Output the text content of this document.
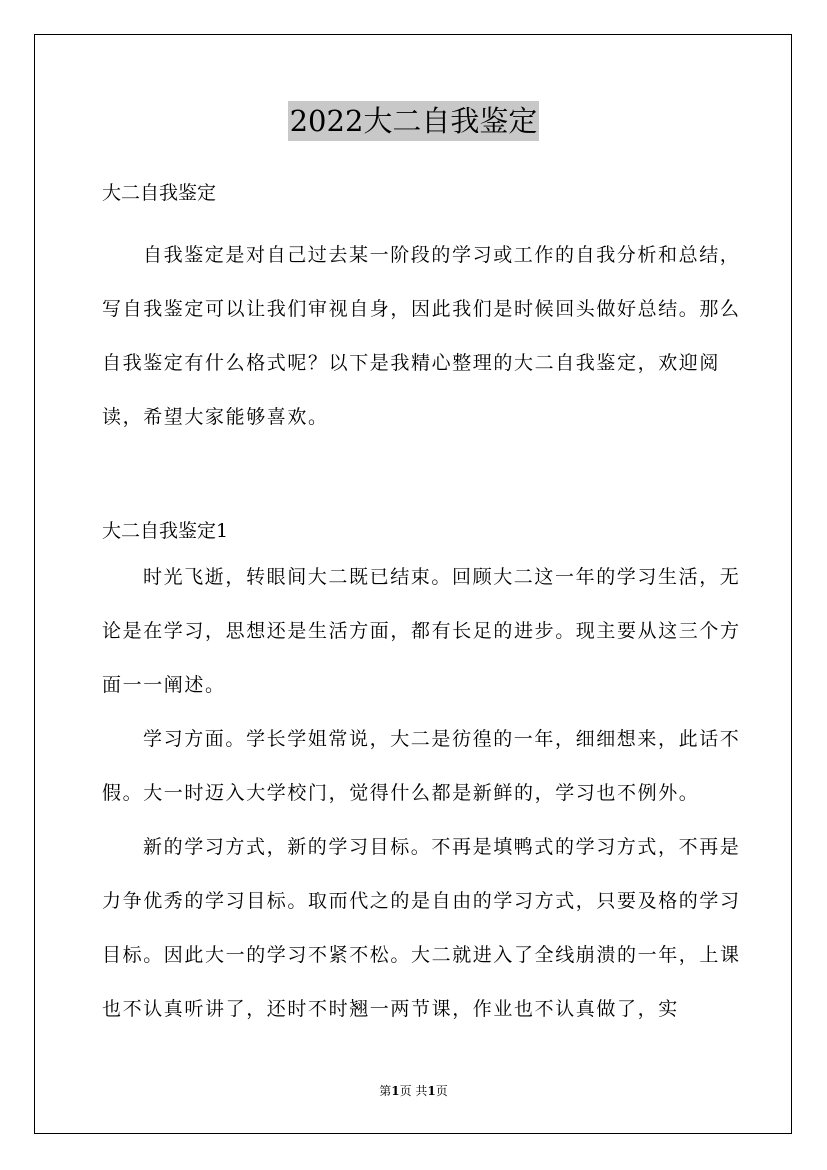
2022大二自我鉴定

大二自我鉴定

自我鉴定是对自己过去某一阶段的学习或工作的自我分析和总结，写自我鉴定可以让我们审视自身，因此我们是时候回头做好总结。那么自我鉴定有什么格式呢？以下是我精心整理的大二自我鉴定，欢迎阅读，希望大家能够喜欢。

大二自我鉴定1

时光飞逝，转眼间大二既已结束。回顾大二这一年的学习生活，无论是在学习，思想还是生活方面，都有长足的进步。现主要从这三个方面一一阐述。

学习方面。学长学姐常说，大二是彷徨的一年，细细想来，此话不假。大一时迈入大学校门，觉得什么都是新鲜的，学习也不例外。

新的学习方式，新的学习目标。不再是填鸭式的学习方式，不再是力争优秀的学习目标。取而代之的是自由的学习方式，只要及格的学习目标。因此大一的学习不紧不松。大二就进入了全线崩溃的一年，上课也不认真听讲了，还时不时翘一两节课，作业也不认真做了，实

第1页 共1页
